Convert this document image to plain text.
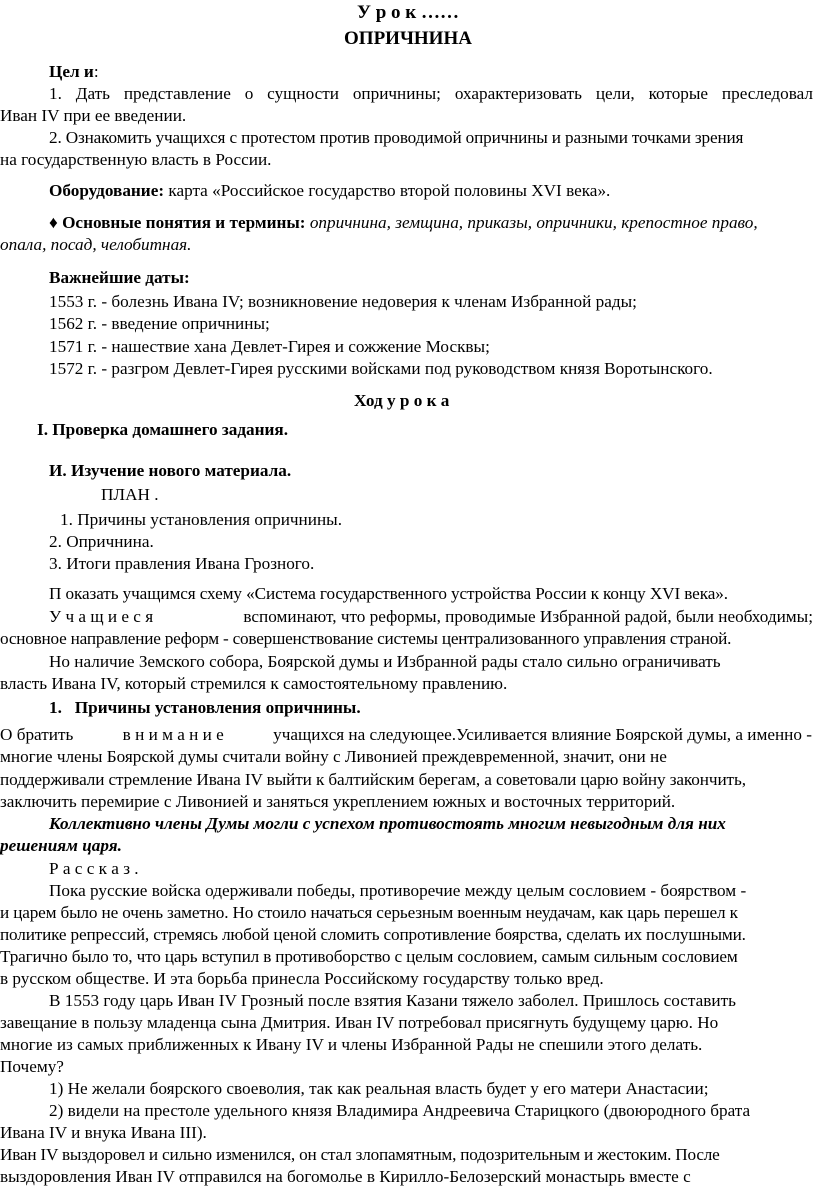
У р о к ……
ОПРИЧНИНА
Цел и:
1. Дать представление о сущности опричнины; охарактеризовать цели, которые преследовал
Иван IV при ее введении.
2. Ознакомить учащихся с протестом против проводимой опричнины и разными точками зрения
на государственную власть в России.
Оборудование: карта «Российское государство второй половины XVI века».
♦ Основные понятия и термины: опричнина, земщина, приказы, опричники, крепостное право,
опала, посад, челобитная.
Важнейшие даты:
1553 г. - болезнь Ивана IV; возникновение недоверия к членам Избранной рады;
1562 г. - введение опричнины;
1571 г. - нашествие хана Девлет-Гирея и сожжение Москвы;
1572 г. - разгром Девлет-Гирея русскими войсками под руководством князя Воротынского.
Ход у р о к а
I. Проверка домашнего задания.
И. Изучение нового материала.
ПЛАН .
1. Причины установления опричнины.
2. Опричнина.
3. Итоги правления Ивана Грозного.
П оказать учащимся схему «Система государственного устройства России к концу XVI века».
У ч а щ и е с я	вспоминают, что реформы, проводимые Избранной радой, были необходимы;
основное направление реформ - совершенствование системы централизованного управления страной.
Но наличие Земского собора, Боярской думы и Избранной рады стало сильно ограничивать
власть Ивана IV, который стремился к самостоятельному правлению.
1.   Причины установления опричнины.
О братить	в н и м а н и е	учащихся на следующее.Усиливается влияние Боярской думы, а именно -
многие члены Боярской думы считали войну с Ливонией преждевременной, значит, они не
поддерживали стремление Ивана IV выйти к балтийским берегам, а советовали царю войну закончить,
заключить перемирие с Ливонией и заняться укреплением южных и восточных территорий.
Коллективно члены Думы могли с успехом противостоять многим невыгодным для них
решениям царя.
Р а с с к а з .
Пока русские войска одерживали победы, противоречие между целым сословием - боярством -
и царем было не очень заметно. Но стоило начаться серьезным военным неудачам, как царь перешел к
политике репрессий, стремясь любой ценой сломить сопротивление боярства, сделать их послушными.
Трагично было то, что царь вступил в противоборство с целым сословием, самым сильным сословием
в русском обществе. И эта борьба принесла Российскому государству только вред.
В 1553 году царь Иван IV Грозный после взятия Казани тяжело заболел. Пришлось составить
завещание в пользу младенца сына Дмитрия. Иван IV потребовал присягнуть будущему царю. Но
многие из самых приближенных к Ивану IV и члены Избранной Рады не спешили этого делать.
Почему?
1) Не желали боярского своеволия, так как реальная власть будет у его матери Анастасии;
2) видели на престоле удельного князя Владимира Андреевича Старицкого (двоюродного брата
Ивана IV и внука Ивана III).
Иван IV выздоровел и сильно изменился, он стал злопамятным, подозрительным и жестоким. После
выздоровления Иван IV отправился на богомолье в Кирилло-Белозерский монастырь вместе с
